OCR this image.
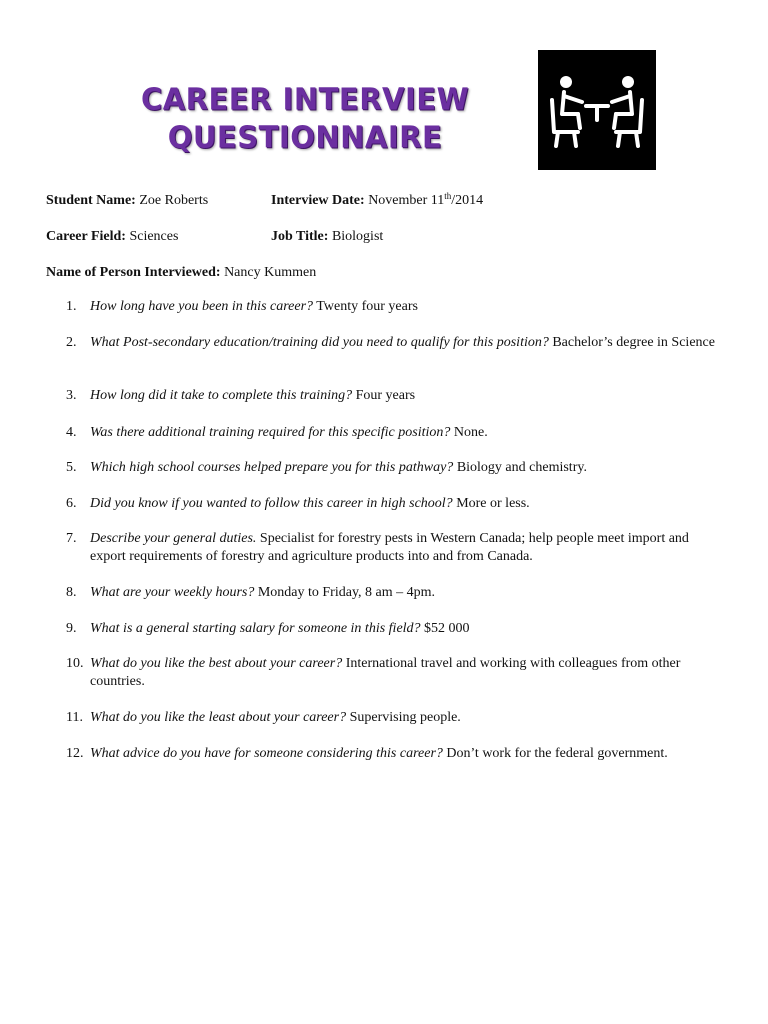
CAREER INTERVIEW
QUESTIONNAIRE
Student Name: Zoe Roberts	Interview Date: November 11th/2014
Career Field: Sciences	Job Title: Biologist
Name of Person Interviewed: Nancy Kummen
1. How long have you been in this career? Twenty four years
2. What Post-secondary education/training did you need to qualify for this position? Bachelor’s degree in Science
3. How long did it take to complete this training? Four years
4. Was there additional training required for this specific position? None.
5. Which high school courses helped prepare you for this pathway? Biology and chemistry.
6. Did you know if you wanted to follow this career in high school? More or less.
7. Describe your general duties. Specialist for forestry pests in Western Canada; help people meet import and export requirements of forestry and agriculture products into and from Canada.
8. What are your weekly hours? Monday to Friday, 8 am – 4pm.
9. What is a general starting salary for someone in this field? $52 000
10. What do you like the best about your career? International travel and working with colleagues from other countries.
11. What do you like the least about your career? Supervising people.
12. What advice do you have for someone considering this career? Don’t work for the federal government.
